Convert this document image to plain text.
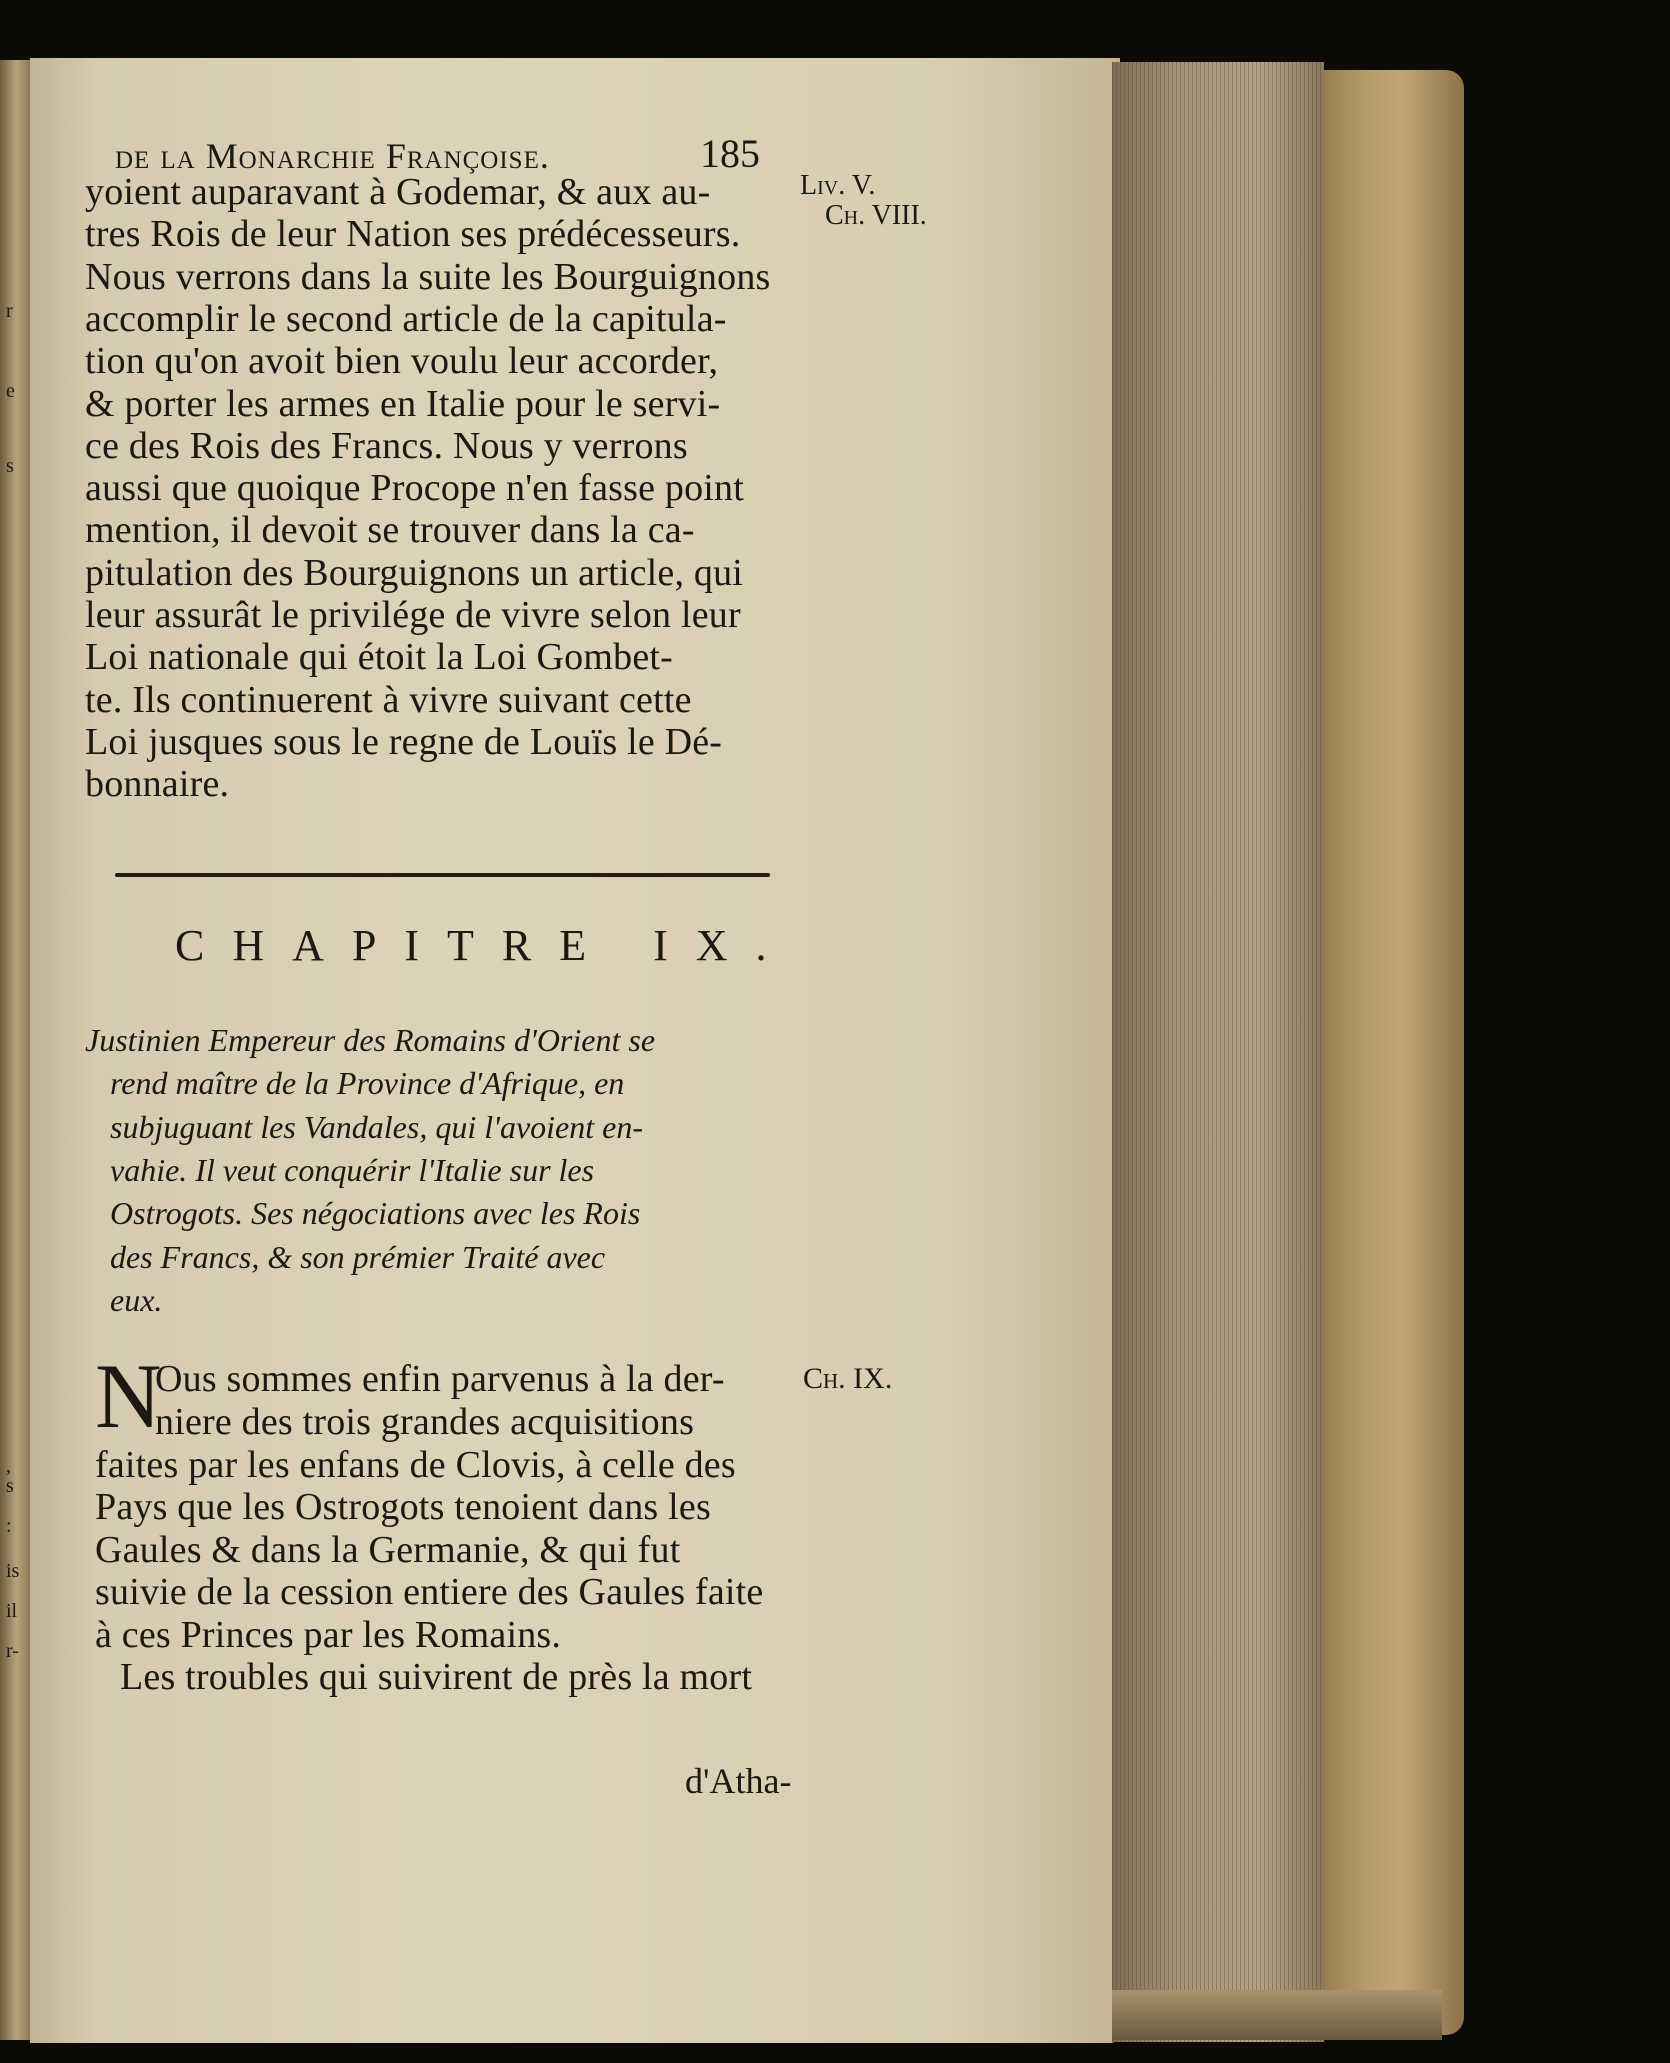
r
e
s
,
s
:
is
il
r-
de la Monarchie Françoise.	185
Liv. V.
Ch. VIII.
Ch. IX.
yoient auparavant à Godemar, & aux au-
tres Rois de leur Nation ses prédécesseurs.
Nous verrons dans la suite les Bourguignons
accomplir le second article de la capitula-
tion qu'on avoit bien voulu leur accorder,
& porter les armes en Italie pour le servi-
ce des Rois des Francs. Nous y verrons
aussi que quoique Procope n'en fasse point
mention, il devoit se trouver dans la ca-
pitulation des Bourguignons un article, qui
leur assurât le privilége de vivre selon leur
Loi nationale qui étoit la Loi Gombet-
te. Ils continuerent à vivre suivant cette
Loi jusques sous le regne de Louïs le Dé-
bonnaire.
CHAPITRE IX.
Justinien Empereur des Romains d'Orient se
rend maître de la Province d'Afrique, en
subjuguant les Vandales, qui l'avoient en-
vahie. Il veut conquérir l'Italie sur les
Ostrogots. Ses négociations avec les Rois
des Francs, & son prémier Traité avec
eux.
N
Ous sommes enfin parvenus à la der-
niere des trois grandes acquisitions
faites par les enfans de Clovis, à celle des
Pays que les Ostrogots tenoient dans les
Gaules & dans la Germanie, & qui fut
suivie de la cession entiere des Gaules faite
à ces Princes par les Romains.
Les troubles qui suivirent de près la mort
d'Atha-
